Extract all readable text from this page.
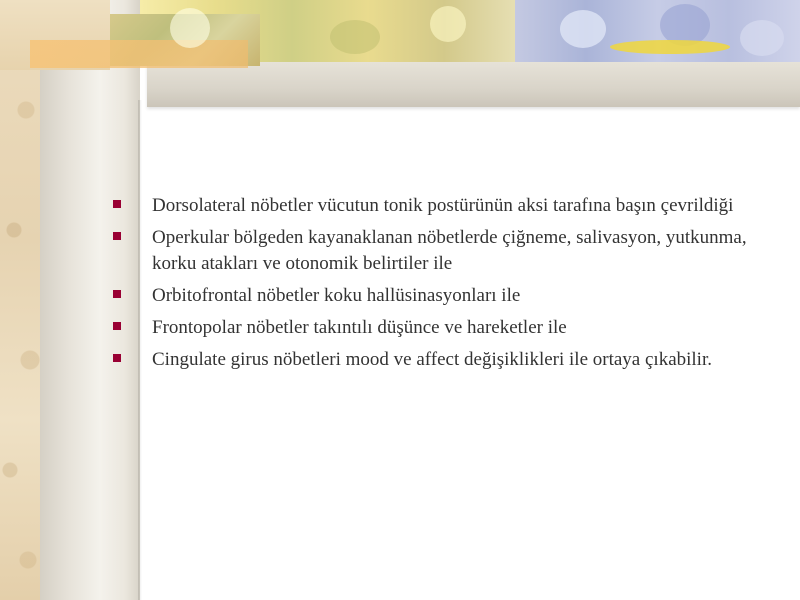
Dorsolateral nöbetler vücutun tonik postürünün aksi tarafına başın çevrildiği
Operkular bölgeden kayanaklanan nöbetlerde çiğneme, salivasyon, yutkunma, korku atakları ve otonomik belirtiler ile
Orbitofrontal nöbetler koku hallüsinasyonları ile
Frontopolar nöbetler takıntılı düşünce ve hareketler ile
Cingulate girus nöbetleri mood ve affect değişiklikleri ile ortaya çıkabilir.
